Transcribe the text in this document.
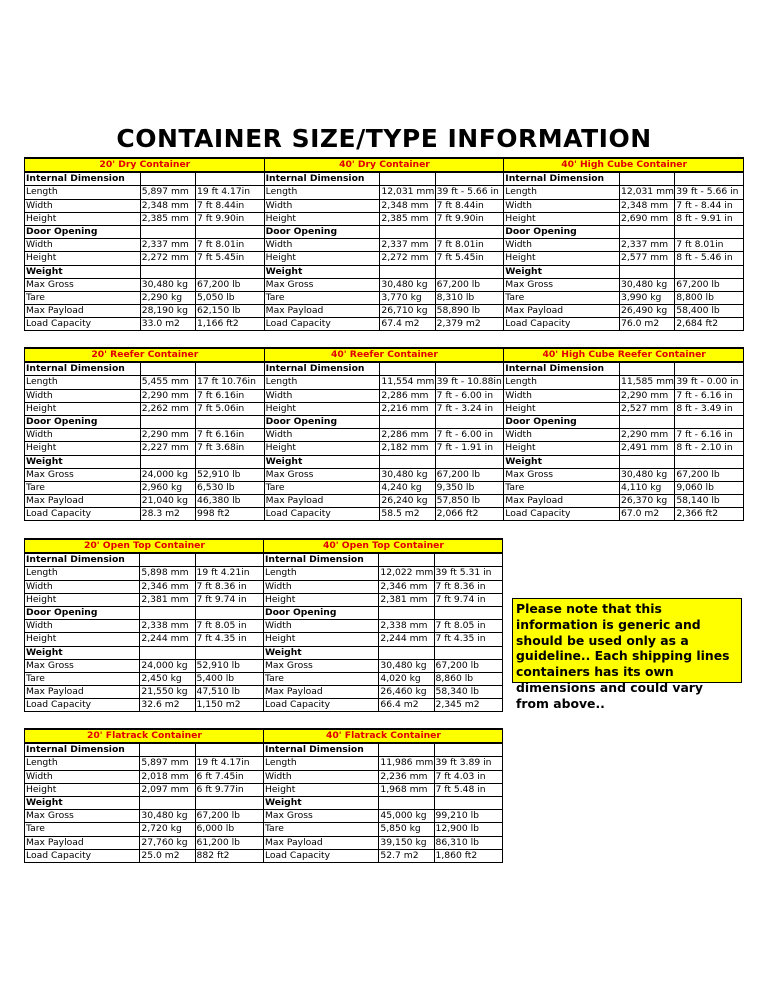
CONTAINER SIZE/TYPE INFORMATION
20' Dry Container			40' Dry Container			40' High Cube Container		
Internal Dimension			Internal Dimension			Internal Dimension		
Length	5,897 mm	19 ft 4.17in	Length	12,031 mm	39 ft - 5.66 in	Length	12,031 mm	39 ft - 5.66 in
Width	2,348 mm	7 ft 8.44in	Width	2,348 mm	7 ft 8.44in	Width	2,348 mm	7 ft - 8.44 in
Height	2,385 mm	7 ft 9.90in	Height	2,385 mm	7 ft 9.90in	Height	2,690 mm	8 ft - 9.91 in
Door Opening			Door Opening			Door Opening		
Width	2,337 mm	7 ft 8.01in	Width	2,337 mm	7 ft 8.01in	Width	2,337 mm	7 ft 8.01in
Height	2,272 mm	7 ft 5.45in	Height	2,272 mm	7 ft 5.45in	Height	2,577 mm	8 ft - 5.46 in
Weight			Weight			Weight		
Max Gross	30,480 kg	67,200 lb	Max Gross	30,480 kg	67,200 lb	Max Gross	30,480 kg	67,200 lb
Tare	2,290 kg	5,050 lb	Tare	3,770 kg	8,310 lb	Tare	3,990 kg	8,800 lb
Max Payload	28,190 kg	62,150 lb	Max Payload	26,710 kg	58,890 lb	Max Payload	26,490 kg	58,400 lb
Load Capacity	33.0 m2	1,166 ft2	Load Capacity	67.4 m2	2,379 m2	Load Capacity	76.0 m2	2,684 ft2
20' Reefer Container			40' Reefer Container			40' High Cube Reefer Container		
Internal Dimension			Internal Dimension			Internal Dimension		
Length	5,455 mm	17 ft 10.76in	Length	11,554 mm	39 ft - 10.88in	Length	11,585 mm	39 ft - 0.00 in
Width	2,290 mm	7 ft 6.16in	Width	2,286 mm	7 ft - 6.00 in	Width	2,290 mm	7 ft - 6.16 in
Height	2,262 mm	7 ft 5.06in	Height	2,216 mm	7 ft - 3.24 in	Height	2,527 mm	8 ft - 3.49 in
Door Opening			Door Opening			Door Opening		
Width	2,290 mm	7 ft 6.16in	Width	2,286 mm	7 ft - 6.00 in	Width	2,290 mm	7 ft - 6.16 in
Height	2,227 mm	7 ft 3.68in	Height	2,182 mm	7 ft - 1.91 in	Height	2,491 mm	8 ft - 2.10 in
Weight			Weight			Weight		
Max Gross	24,000 kg	52,910 lb	Max Gross	30,480 kg	67,200 lb	Max Gross	30,480 kg	67,200 lb
Tare	2,960 kg	6,530 lb	Tare	4,240 kg	9,350 lb	Tare	4,110 kg	9,060 lb
Max Payload	21,040 kg	46,380 lb	Max Payload	26,240 kg	57,850 lb	Max Payload	26,370 kg	58,140 lb
Load Capacity	28.3 m2	998 ft2	Load Capacity	58.5 m2	2,066 ft2	Load Capacity	67.0 m2	2,366 ft2
20' Open Top Container			40' Open Top Container		
Internal Dimension			Internal Dimension		
Length	5,898 mm	19 ft 4.21in	Length	12,022 mm	39 ft 5.31 in
Width	2,346 mm	7 ft 8.36 in	Width	2,346 mm	7 ft 8.36 in
Height	2,381 mm	7 ft 9.74 in	Height	2,381 mm	7 ft 9.74 in
Door Opening			Door Opening		
Width	2,338 mm	7 ft 8.05 in	Width	2,338 mm	7 ft 8.05 in
Height	2,244 mm	7 ft 4.35 in	Height	2,244 mm	7 ft 4.35 in
Weight			Weight		
Max Gross	24,000 kg	52,910 lb	Max Gross	30,480 kg	67,200 lb
Tare	2,450 kg	5,400 lb	Tare	4,020 kg	8,860 lb
Max Payload	21,550 kg	47,510 lb	Max Payload	26,460 kg	58,340 lb
Load Capacity	32.6 m2	1,150 m2	Load Capacity	66.4 m2	2,345 m2
20' Flatrack Container			40' Flatrack Container		
Internal Dimension			Internal Dimension		
Length	5,897 mm	19 ft 4.17in	Length	11,986 mm	39 ft 3.89 in
Width	2,018 mm	6 ft 7.45in	Width	2,236 mm	7 ft 4.03 in
Height	2,097 mm	6 ft 9.77in	Height	1,968 mm	7 ft 5.48 in
Weight			Weight		
Max Gross	30,480 kg	67,200 lb	Max Gross	45,000 kg	99,210 lb
Tare	2,720 kg	6,000 lb	Tare	5,850 kg	12,900 lb
Max Payload	27,760 kg	61,200 lb	Max Payload	39,150 kg	86,310 lb
Load Capacity	25.0 m2	882 ft2	Load Capacity	52.7 m2	1,860 ft2
Please note that this information is generic and should be used only as a guideline.. Each shipping lines containers has its own dimensions and could vary from above..
